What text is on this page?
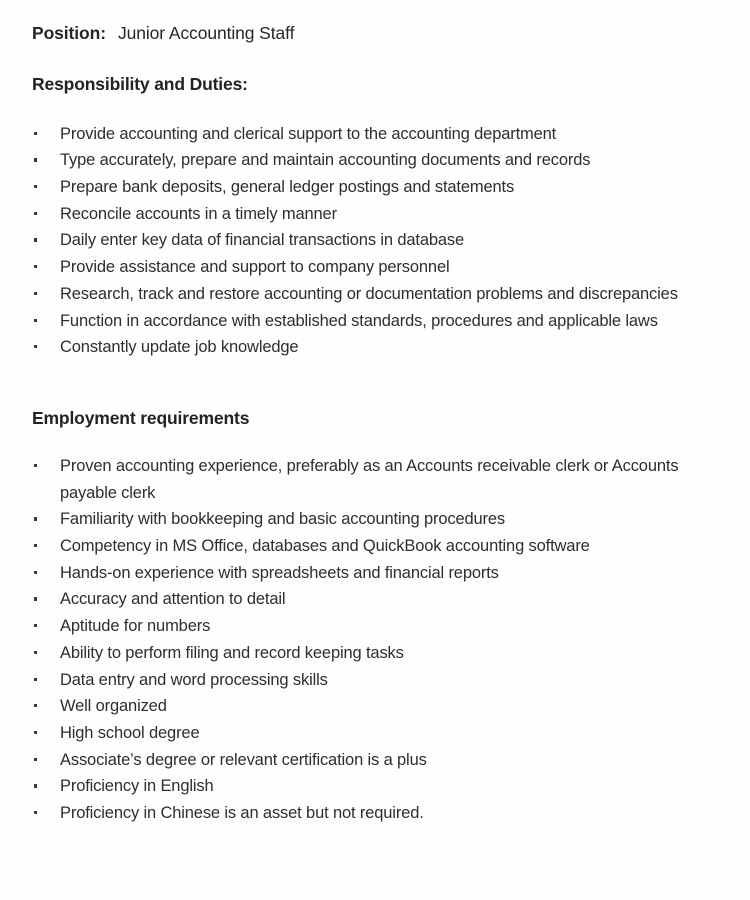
Position: Junior Accounting Staff

Responsibility and Duties:
Provide accounting and clerical support to the accounting department
Type accurately, prepare and maintain accounting documents and records
Prepare bank deposits, general ledger postings and statements
Reconcile accounts in a timely manner
Daily enter key data of financial transactions in database
Provide assistance and support to company personnel
Research, track and restore accounting or documentation problems and discrepancies
Function in accordance with established standards, procedures and applicable laws
Constantly update job knowledge
Employment requirements
Proven accounting experience, preferably as an Accounts receivable clerk or Accounts payable clerk
Familiarity with bookkeeping and basic accounting procedures
Competency in MS Office, databases and QuickBook accounting software
Hands-on experience with spreadsheets and financial reports
Accuracy and attention to detail
Aptitude for numbers
Ability to perform filing and record keeping tasks
Data entry and word processing skills
Well organized
High school degree
Associate’s degree or relevant certification is a plus
Proficiency in English
Proficiency in Chinese is an asset but not required.
